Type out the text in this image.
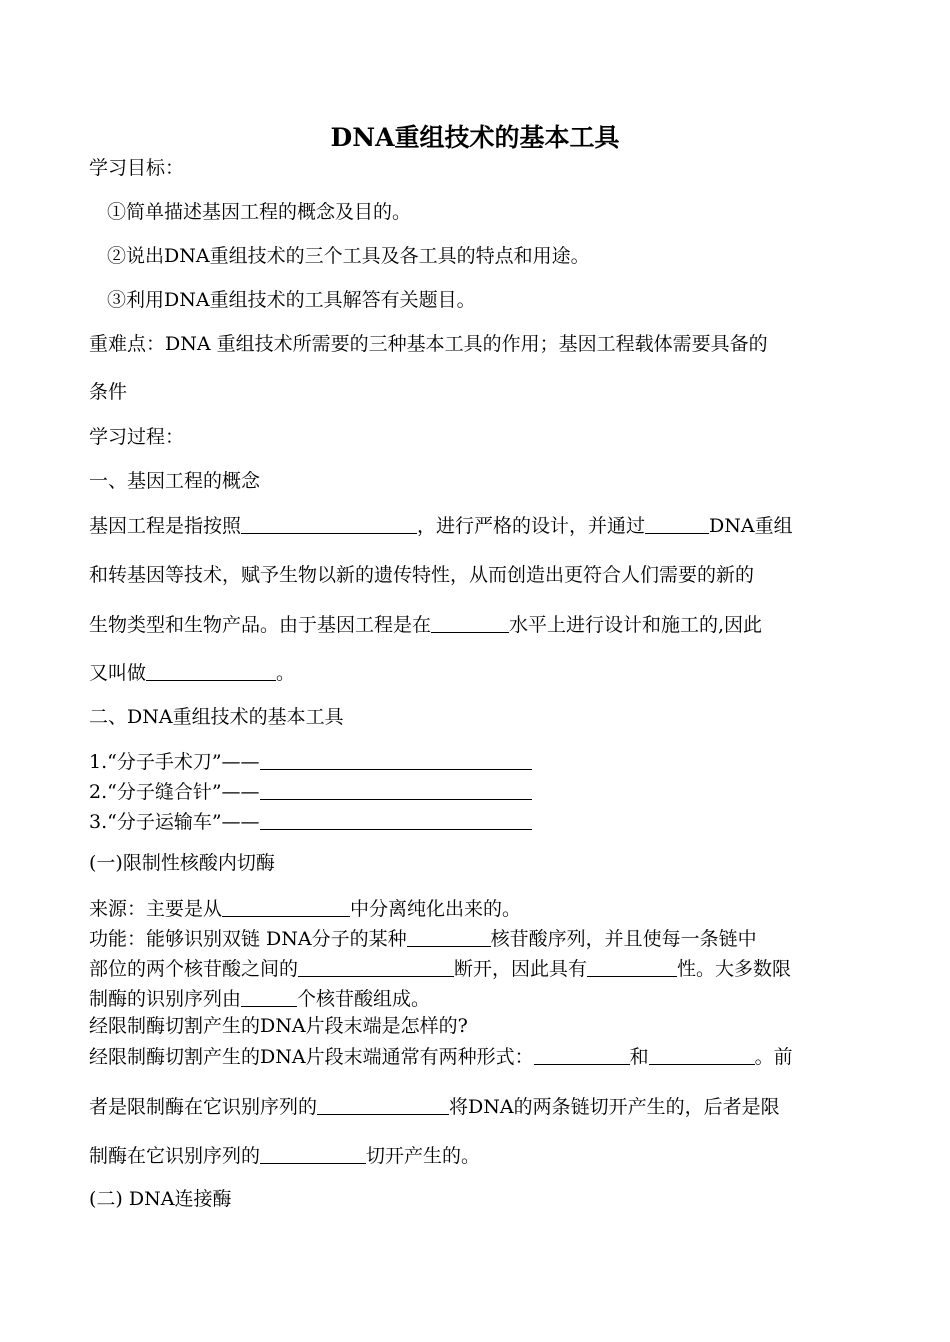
DNA重组技术的基本工具
学习目标：
①简单描述基因工程的概念及目的。
②说出DNA重组技术的三个工具及各工具的特点和用途。
③利用DNA重组技术的工具解答有关题目。
重难点：DNA 重组技术所需要的三种基本工具的作用；基因工程载体需要具备的
条件
学习过程：
一、基因工程的概念
基因工程是指按照	，进行严格的设计，并通过	DNA重组
和转基因等技术，赋予生物以新的遗传特性，从而创造出更符合人们需要的新的
生物类型和生物产品。由于基因工程是在	水平上进行设计和施工的,因此
又叫做	。
二、DNA重组技术的基本工具
1.“分子手术刀”——
2.“分子缝合针”——
3.“分子运输车”——
(一)限制性核酸内切酶
来源：主要是从	中分离纯化出来的。
功能：能够识别双链 DNA分子的某种	核苷酸序列，并且使每一条链中
部位的两个核苷酸之间的	断开，因此具有	性。大多数限
制酶的识别序列由	个核苷酸组成。
经限制酶切割产生的DNA片段末端是怎样的?
经限制酶切割产生的DNA片段末端通常有两种形式：	和	。前
者是限制酶在它识别序列的	将DNA的两条链切开产生的，后者是限
制酶在它识别序列的	切开产生的。
(二) DNA连接酶
